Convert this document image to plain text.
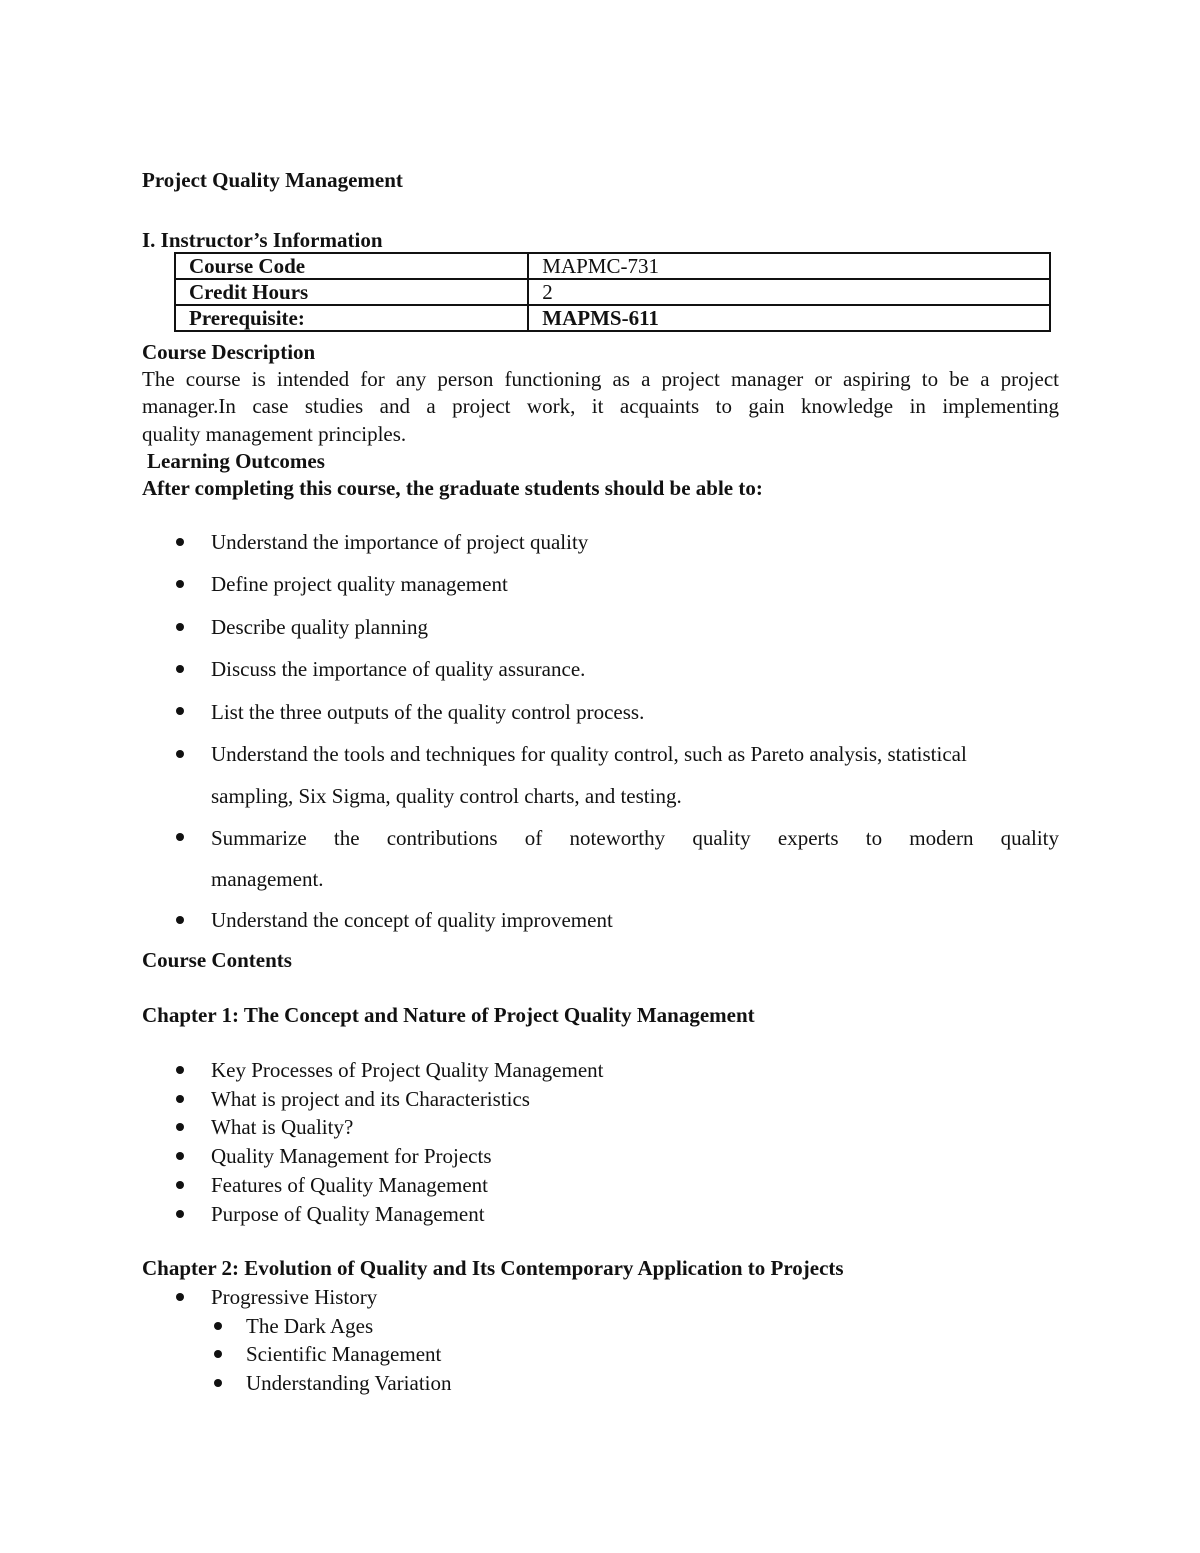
Project Quality Management
I. Instructor’s Information
Course Code	MAPMC-731
Credit Hours	2
Prerequisite:	MAPMS-611
Course Description
The course is intended for any person functioning as a project manager or aspiring to be a project
manager.In case studies and a project work, it acquaints to gain knowledge in implementing
quality management principles.
Learning Outcomes
After completing this course, the graduate students should be able to:
Understand the importance of project quality
Define project quality management
Describe quality planning
Discuss the importance of quality assurance.
List the three outputs of the quality control process.
Understand the tools and techniques for quality control, such as Pareto analysis, statistical
sampling, Six Sigma, quality control charts, and testing.
Summarize the contributions of noteworthy quality experts to modern quality
management.
Understand the concept of quality improvement
Course Contents
Chapter 1: The Concept and Nature of Project Quality Management
Key Processes of Project Quality Management
What is project and its Characteristics
What is Quality?
Quality Management for Projects
Features of Quality Management
Purpose of Quality Management
Chapter 2: Evolution of Quality and Its Contemporary Application to Projects
Progressive History
The Dark Ages
Scientific Management
Understanding Variation
